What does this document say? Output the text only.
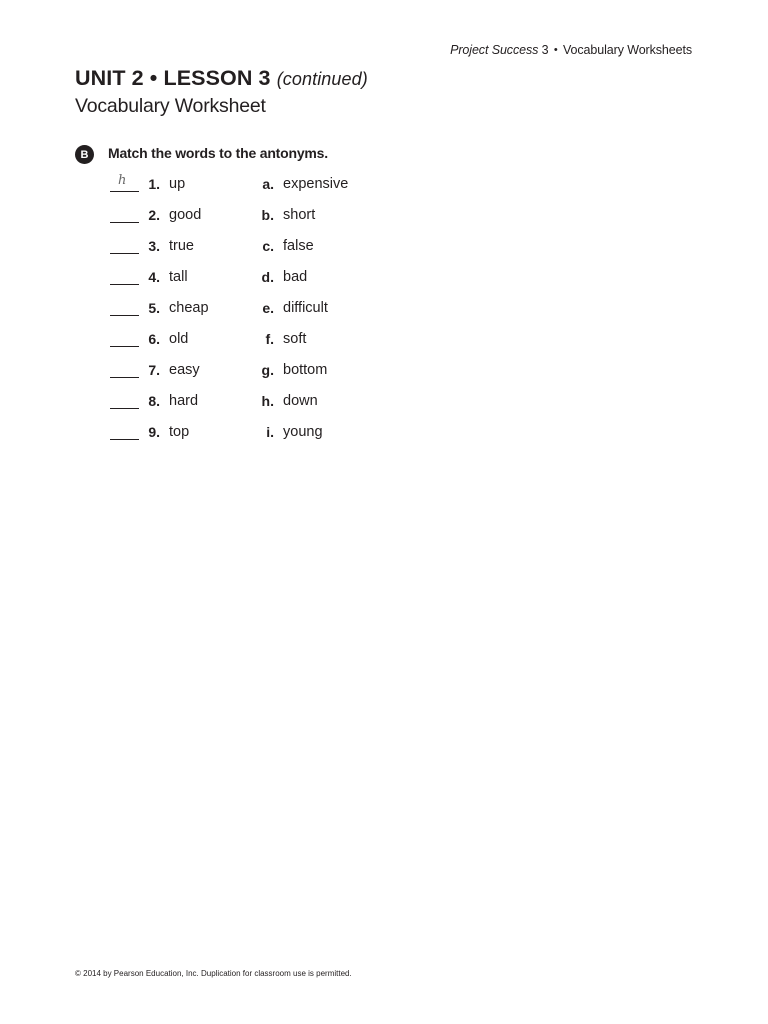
Project Success 3 • Vocabulary Worksheets
UNIT 2 • LESSON 3 (continued)
Vocabulary Worksheet
B	Match the words to the antonyms.
h 1. up	a. expensive
2. good	b. short
3. true	c. false
4. tall	d. bad
5. cheap	e. difficult
6. old	f. soft
7. easy	g. bottom
8. hard	h. down
9. top	i. young
© 2014 by Pearson Education, Inc. Duplication for classroom use is permitted.
